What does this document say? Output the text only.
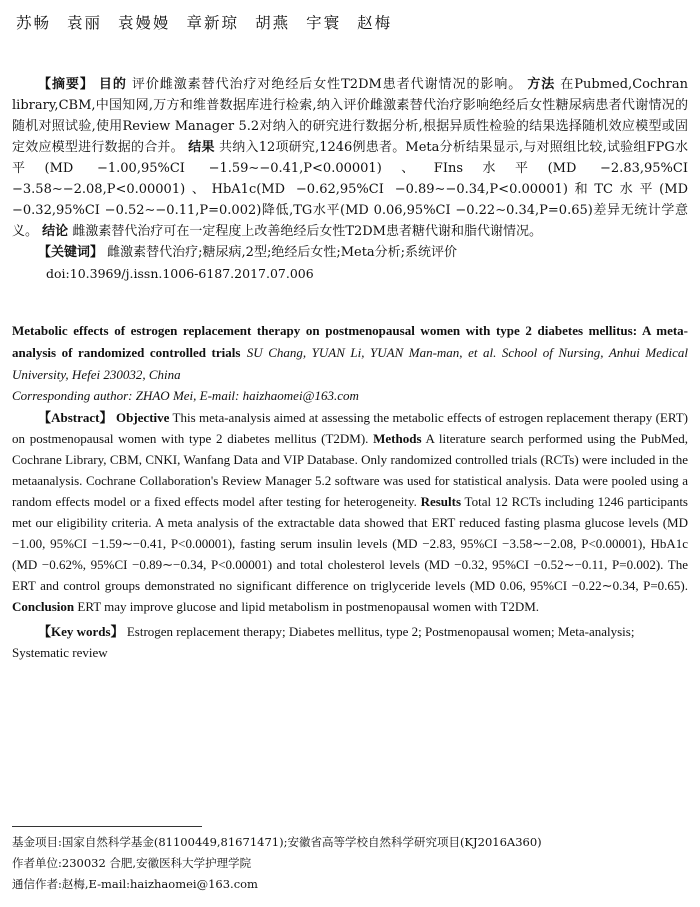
苏畅 袁丽 袁嫚嫚 章新琼 胡燕 宇寰 赵梅

【摘要】 目的 评价雌激素替代治疗对绝经后女性T2DM患者代谢情况的影响。 方法 在Pubmed,Cochran library,CBM,中国知网,万方和维普数据库进行检索,纳入评价雌激素替代治疗影响绝经后女性糖尿病患者代谢情况的随机对照试验,使用Review Manager 5.2对纳入的研究进行数据分析,根据异质性检验的结果选择随机效应模型或固定效应模型进行数据的合并。 结果 共纳入12项研究,1246例患者。Meta分析结果显示,与对照组比较,试验组FPG水平(MD −1.00,95%CI −1.59∼−0.41,P<0.00001)、FIns水平(MD −2.83,95%CI −3.58∼−2.08,P<0.00001)、HbA1c(MD −0.62,95%CI −0.89∼−0.34,P<0.00001)和TC水平(MD −0.32,95%CI −0.52∼−0.11,P=0.002)降低,TG水平(MD 0.06,95%CI −0.22∼0.34,P=0.65)差异无统计学意义。 结论 雌激素替代治疗可在一定程度上改善绝经后女性T2DM患者糖代谢和脂代谢情况。

【关键词】 雌激素替代治疗;糖尿病,2型;绝经后女性;Meta分析;系统评价

doi:10.3969/j.issn.1006-6187.2017.07.006

Metabolic effects of estrogen replacement therapy on postmenopausal women with type 2 diabetes mellitus: A meta-analysis of randomized controlled trials SU Chang, YUAN Li, YUAN Man-man, et al. School of Nursing, Anhui Medical University, Hefei 230032, China

Corresponding author: ZHAO Mei, E-mail: haizhaomei@163.com

【Abstract】 Objective This meta-analysis aimed at assessing the metabolic effects of estrogen replacement therapy (ERT) on postmenopausal women with type 2 diabetes mellitus (T2DM). Methods A literature search performed using the PubMed, Cochrane Library, CBM, CNKI, Wanfang Data and VIP Database. Only randomized controlled trials (RCTs) were included in the metaanalysis. Cochrane Collaboration's Review Manager 5.2 software was used for statistical analysis. Data were pooled using a random effects model or a fixed effects model after testing for heterogeneity. Results Total 12 RCTs including 1246 participants met our eligibility criteria. A meta analysis of the extractable data showed that ERT reduced fasting plasma glucose levels (MD −1.00, 95%CI −1.59∼−0.41, P<0.00001), fasting serum insulin levels (MD −2.83, 95%CI −3.58∼−2.08, P<0.00001), HbA1c (MD −0.62%, 95%CI −0.89∼−0.34, P<0.00001) and total cholesterol levels (MD −0.32, 95%CI −0.52∼−0.11, P=0.002). The ERT and control groups demonstrated no significant difference on triglyceride levels (MD 0.06, 95%CI −0.22∼0.34, P=0.65). Conclusion ERT may improve glucose and lipid metabolism in postmenopausal women with T2DM.

【Key words】 Estrogen replacement therapy; Diabetes mellitus, type 2; Postmenopausal women; Meta-analysis; Systematic review

基金项目:国家自然科学基金(81100449,81671471);安徽省高等学校自然科学研究项目(KJ2016A360)
作者单位:230032 合肥,安徽医科大学护理学院
通信作者:赵梅,E-mail:haizhaomei@163.com
